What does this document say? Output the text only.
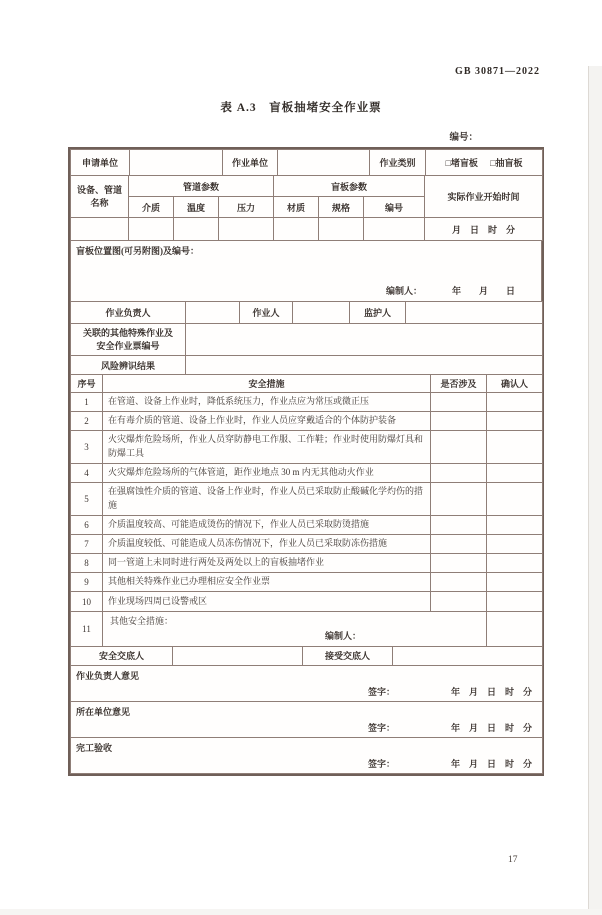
GB 30871—2022
表 A.3　盲板抽堵安全作业票
编号：
申请单位		作业单位		作业类别	□堵盲板 □抽盲板
设备、管道
名称	管道参数			盲板参数			实际作业开始时间
	介质	温度	压力	材质	规格	编号	
							月　日　时　分
盲板位置图(可另附图)及编号：
编制人：	年　　月　　日
作业负责人		作业人		监护人	
关联的其他特殊作业及
安全作业票编号	

风险辨识结果	
序号	安全措施	是否涉及	确认人
1	在管道、设备上作业时，降低系统压力，作业点应为常压或微正压		
2	在有毒介质的管道、设备上作业时，作业人员应穿戴适合的个体防护装备		
3	火灾爆炸危险场所，作业人员穿防静电工作服、工作鞋；作业时使用防爆灯具和防爆工具		
4	火灾爆炸危险场所的气体管道，距作业地点 30 m 内无其他动火作业		
5	在强腐蚀性介质的管道、设备上作业时，作业人员已采取防止酸碱化学灼伤的措施		
6	介质温度较高、可能造成烫伤的情况下，作业人员已采取防烫措施		
7	介质温度较低、可能造成人员冻伤情况下，作业人员已采取防冻伤措施		
8	同一管道上未同时进行两处及两处以上的盲板抽堵作业		
9	其他相关特殊作业已办理相应安全作业票		
10	作业现场四周已设警戒区		
11	其他安全措施：
编制人：		

安全交底人		接受交底人	
作业负责人意见
签字：	年　月　日　时　分

所在单位意见
签字：	年　月　日　时　分

完工验收
签字：	年　月　日　时　分
17
